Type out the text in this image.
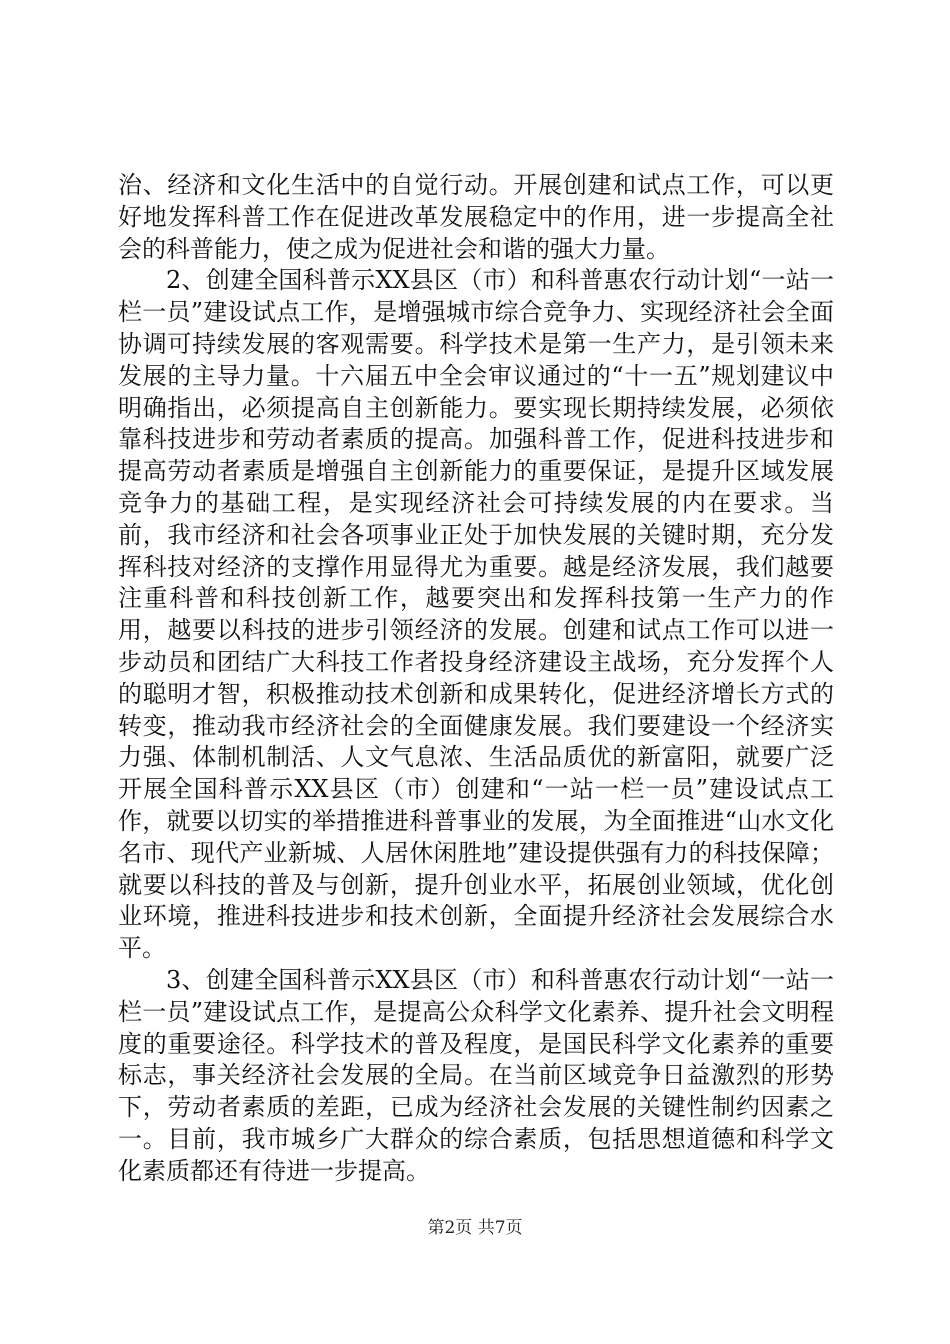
治、经济和文化生活中的自觉行动。开展创建和试点工作，可以更好地发挥科普工作在促进改革发展稳定中的作用，进一步提高全社会的科普能力，使之成为促进社会和谐的强大力量。

2、创建全国科普示XX县区（市）和科普惠农行动计划“一站一栏一员”建设试点工作，是增强城市综合竞争力、实现经济社会全面协调可持续发展的客观需要。科学技术是第一生产力，是引领未来发展的主导力量。十六届五中全会审议通过的“十一五”规划建议中明确指出，必须提高自主创新能力。要实现长期持续发展，必须依靠科技进步和劳动者素质的提高。加强科普工作，促进科技进步和提高劳动者素质是增强自主创新能力的重要保证，是提升区域发展竞争力的基础工程，是实现经济社会可持续发展的内在要求。当前，我市经济和社会各项事业正处于加快发展的关键时期，充分发挥科技对经济的支撑作用显得尤为重要。越是经济发展，我们越要注重科普和科技创新工作，越要突出和发挥科技第一生产力的作用，越要以科技的进步引领经济的发展。创建和试点工作可以进一步动员和团结广大科技工作者投身经济建设主战场，充分发挥个人的聪明才智，积极推动技术创新和成果转化，促进经济增长方式的转变，推动我市经济社会的全面健康发展。我们要建设一个经济实力强、体制机制活、人文气息浓、生活品质优的新富阳，就要广泛开展全国科普示XX县区（市）创建和“一站一栏一员”建设试点工作，就要以切实的举措推进科普事业的发展，为全面推进“山水文化名市、现代产业新城、人居休闲胜地”建设提供强有力的科技保障；就要以科技的普及与创新，提升创业水平，拓展创业领域，优化创业环境，推进科技进步和技术创新，全面提升经济社会发展综合水平。

3、创建全国科普示XX县区（市）和科普惠农行动计划“一站一栏一员”建设试点工作，是提高公众科学文化素养、提升社会文明程度的重要途径。科学技术的普及程度，是国民科学文化素养的重要标志，事关经济社会发展的全局。在当前区域竞争日益激烈的形势下，劳动者素质的差距，已成为经济社会发展的关键性制约因素之一。目前，我市城乡广大群众的综合素质，包括思想道德和科学文化素质都还有待进一步提高。

第2页 共7页
